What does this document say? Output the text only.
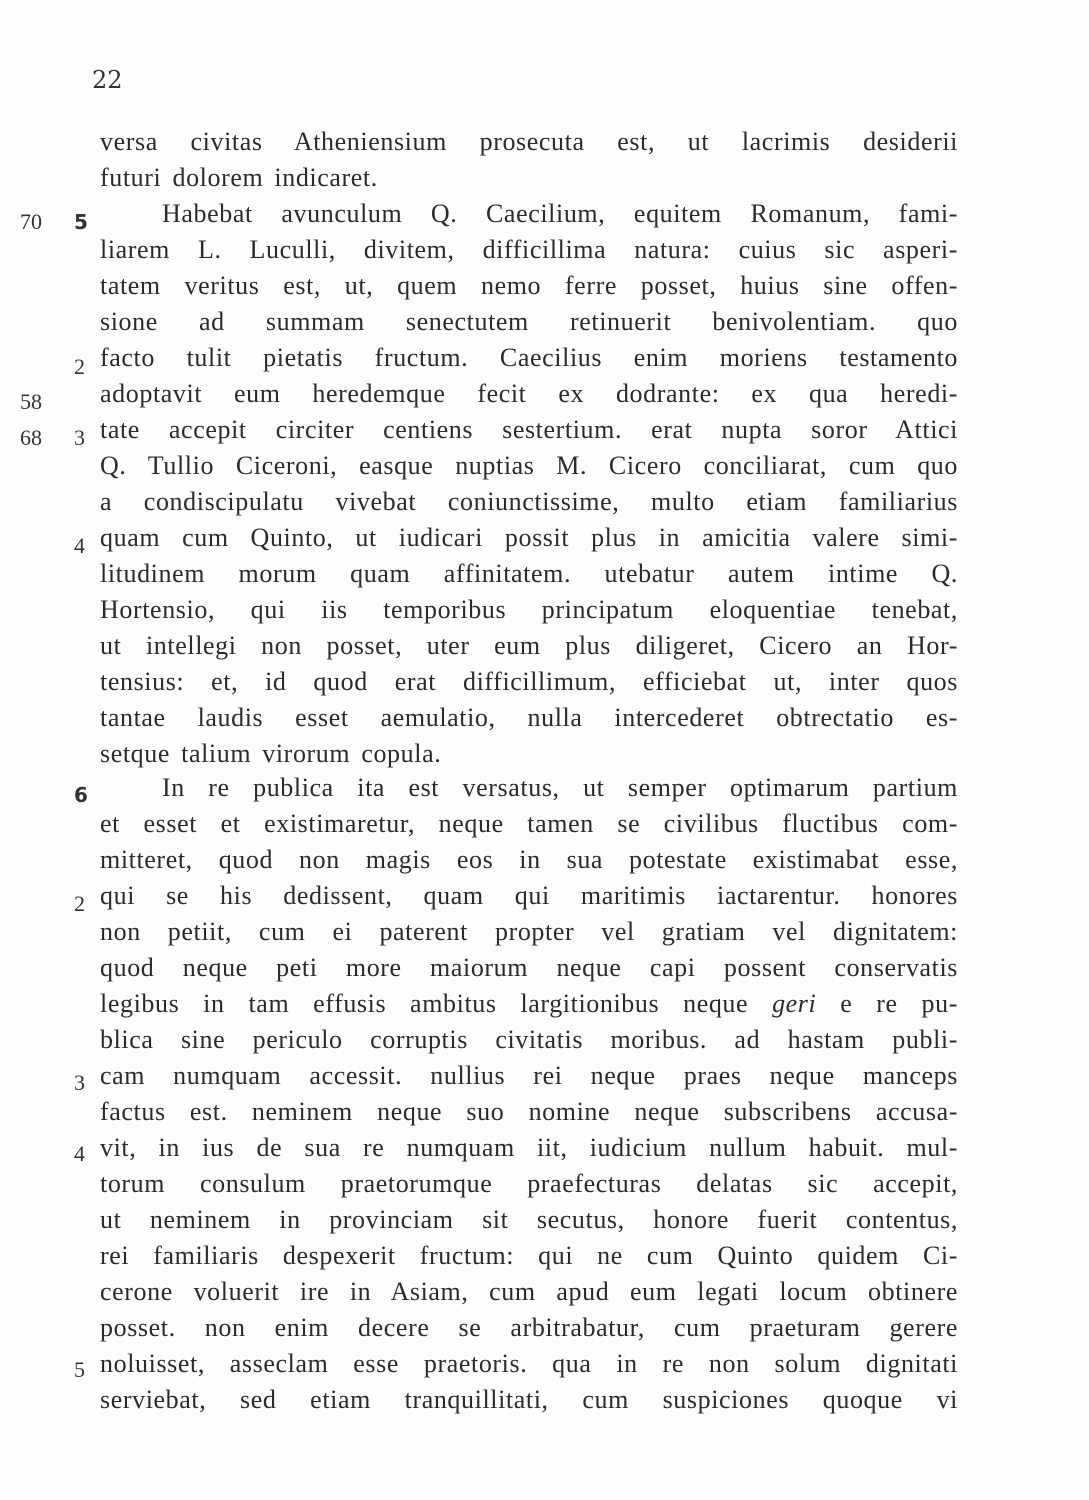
22
70 5
2
58
68 3
4
6
2
3
4
5
versa civitas Atheniensium prosecuta est, ut lacrimis desiderii
futuri dolorem indicaret.
Habebat avunculum Q. Caecilium, equitem Romanum, fami-
liarem L. Luculli, divitem, difficillima natura: cuius sic asperi-
tatem veritus est, ut, quem nemo ferre posset, huius sine offen-
sione ad summam senectutem retinuerit benivolentiam. quo
facto tulit pietatis fructum. Caecilius enim moriens testamento
adoptavit eum heredemque fecit ex dodrante: ex qua heredi-
tate accepit circiter centiens sestertium. erat nupta soror Attici
Q. Tullio Ciceroni, easque nuptias M. Cicero conciliarat, cum quo
a condiscipulatu vivebat coniunctissime, multo etiam familiarius
quam cum Quinto, ut iudicari possit plus in amicitia valere simi-
litudinem morum quam affinitatem. utebatur autem intime Q.
Hortensio, qui iis temporibus principatum eloquentiae tenebat,
ut intellegi non posset, uter eum plus diligeret, Cicero an Hor-
tensius: et, id quod erat difficillimum, efficiebat ut, inter quos
tantae laudis esset aemulatio, nulla intercederet obtrectatio es-
setque talium virorum copula.
In re publica ita est versatus, ut semper optimarum partium
et esset et existimaretur, neque tamen se civilibus fluctibus com-
mitteret, quod non magis eos in sua potestate existimabat esse,
qui se his dedissent, quam qui maritimis iactarentur. honores
non petiit, cum ei paterent propter vel gratiam vel dignitatem:
quod neque peti more maiorum neque capi possent conservatis
legibus in tam effusis ambitus largitionibus neque geri e re pu-
blica sine periculo corruptis civitatis moribus. ad hastam publi-
cam numquam accessit. nullius rei neque praes neque manceps
factus est. neminem neque suo nomine neque subscribens accusa-
vit, in ius de sua re numquam iit, iudicium nullum habuit. mul-
torum consulum praetorumque praefecturas delatas sic accepit,
ut neminem in provinciam sit secutus, honore fuerit contentus,
rei familiaris despexerit fructum: qui ne cum Quinto quidem Ci-
cerone voluerit ire in Asiam, cum apud eum legati locum obtinere
posset. non enim decere se arbitrabatur, cum praeturam gerere
noluisset, asseclam esse praetoris. qua in re non solum dignitati
serviebat, sed etiam tranquillitati, cum suspiciones quoque vi
